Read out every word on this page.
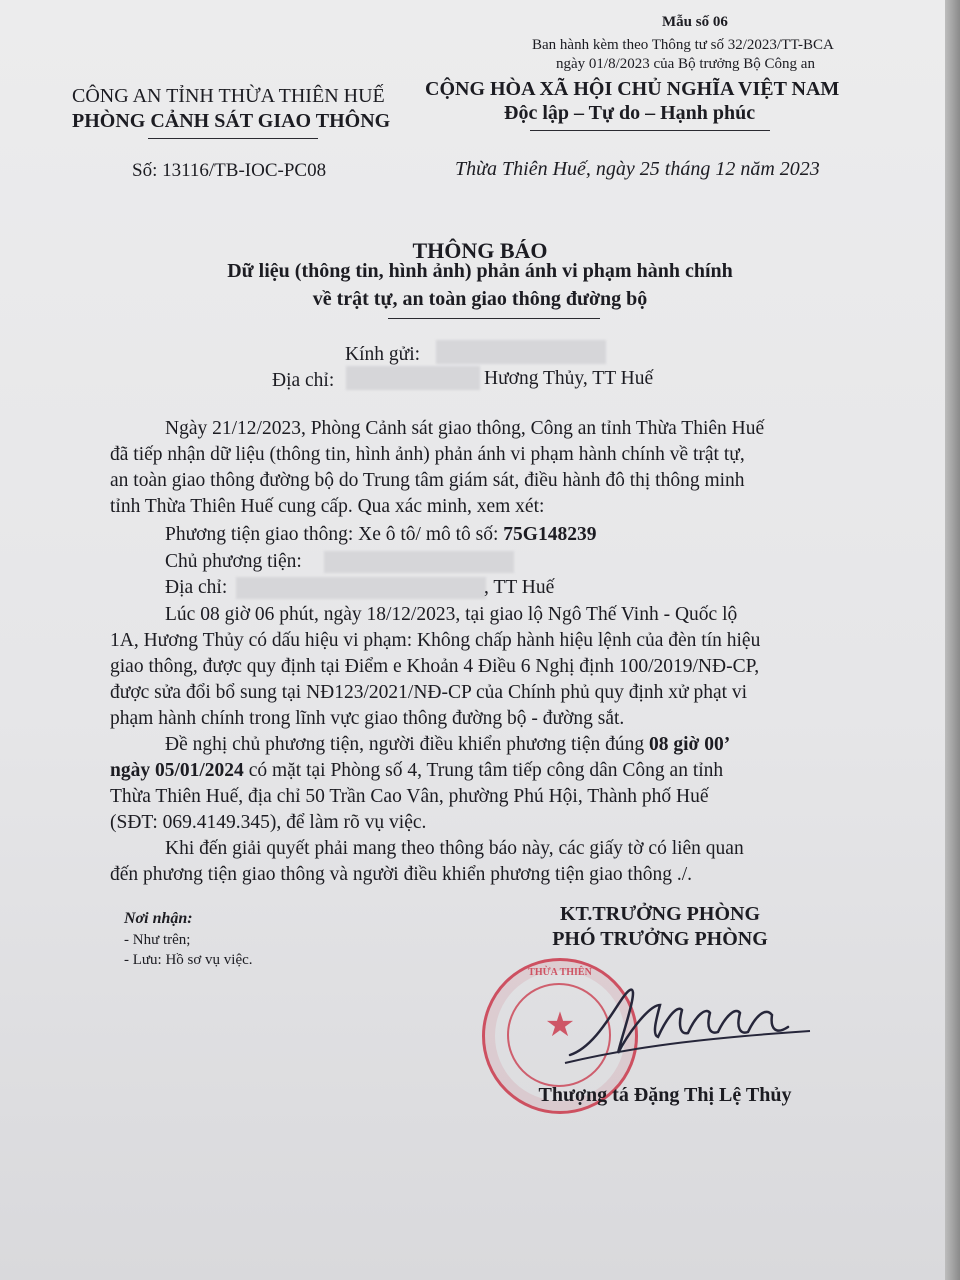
Mẫu số 06
Ban hành kèm theo Thông tư số 32/2023/TT-BCA
ngày 01/8/2023 của Bộ trưởng Bộ Công an
CÔNG AN TỈNH THỪA THIÊN HUẾ
PHÒNG CẢNH SÁT GIAO THÔNG
Số: 13116/TB-IOC-PC08
CỘNG HÒA XÃ HỘI CHỦ NGHĨA VIỆT NAM
Độc lập – Tự do – Hạnh phúc
Thừa Thiên Huế, ngày 25 tháng 12 năm 2023
THÔNG BÁO
Dữ liệu (thông tin, hình ảnh) phản ánh vi phạm hành chính
về trật tự, an toàn giao thông đường bộ
Kính gửi:
Địa chỉ:	Hương Thủy, TT Huế
Ngày 21/12/2023, Phòng Cảnh sát giao thông, Công an tỉnh Thừa Thiên Huế
đã tiếp nhận dữ liệu (thông tin, hình ảnh) phản ánh vi phạm hành chính về trật tự,
an toàn giao thông đường bộ do Trung tâm giám sát, điều hành đô thị thông minh
tỉnh Thừa Thiên Huế cung cấp. Qua xác minh, xem xét:
Phương tiện giao thông: Xe ô tô/ mô tô số: 75G148239
Chủ phương tiện:
Địa chỉ:	, TT Huế
Lúc 08 giờ 06 phút, ngày 18/12/2023, tại giao lộ Ngô Thế Vinh - Quốc lộ
1A, Hương Thủy có dấu hiệu vi phạm: Không chấp hành hiệu lệnh của đèn tín hiệu
giao thông, được quy định tại Điểm e Khoản 4 Điều 6 Nghị định 100/2019/NĐ-CP,
được sửa đổi bổ sung tại NĐ123/2021/NĐ-CP của Chính phủ quy định xử phạt vi
phạm hành chính trong lĩnh vực giao thông đường bộ - đường sắt.
Đề nghị chủ phương tiện, người điều khiển phương tiện đúng 08 giờ 00’
ngày 05/01/2024 có mặt tại Phòng số 4, Trung tâm tiếp công dân Công an tỉnh
Thừa Thiên Huế, địa chỉ 50 Trần Cao Vân, phường Phú Hội, Thành phố Huế
(SĐT: 069.4149.345), để làm rõ vụ việc.
Khi đến giải quyết phải mang theo thông báo này, các giấy tờ có liên quan
đến phương tiện giao thông và người điều khiển phương tiện giao thông ./.
Nơi nhận:
- Như trên;
- Lưu: Hồ sơ vụ việc.
KT.TRƯỞNG PHÒNG
PHÓ TRƯỞNG PHÒNG
THỪA THIÊN
★
Thượng tá Đặng Thị Lệ Thủy
